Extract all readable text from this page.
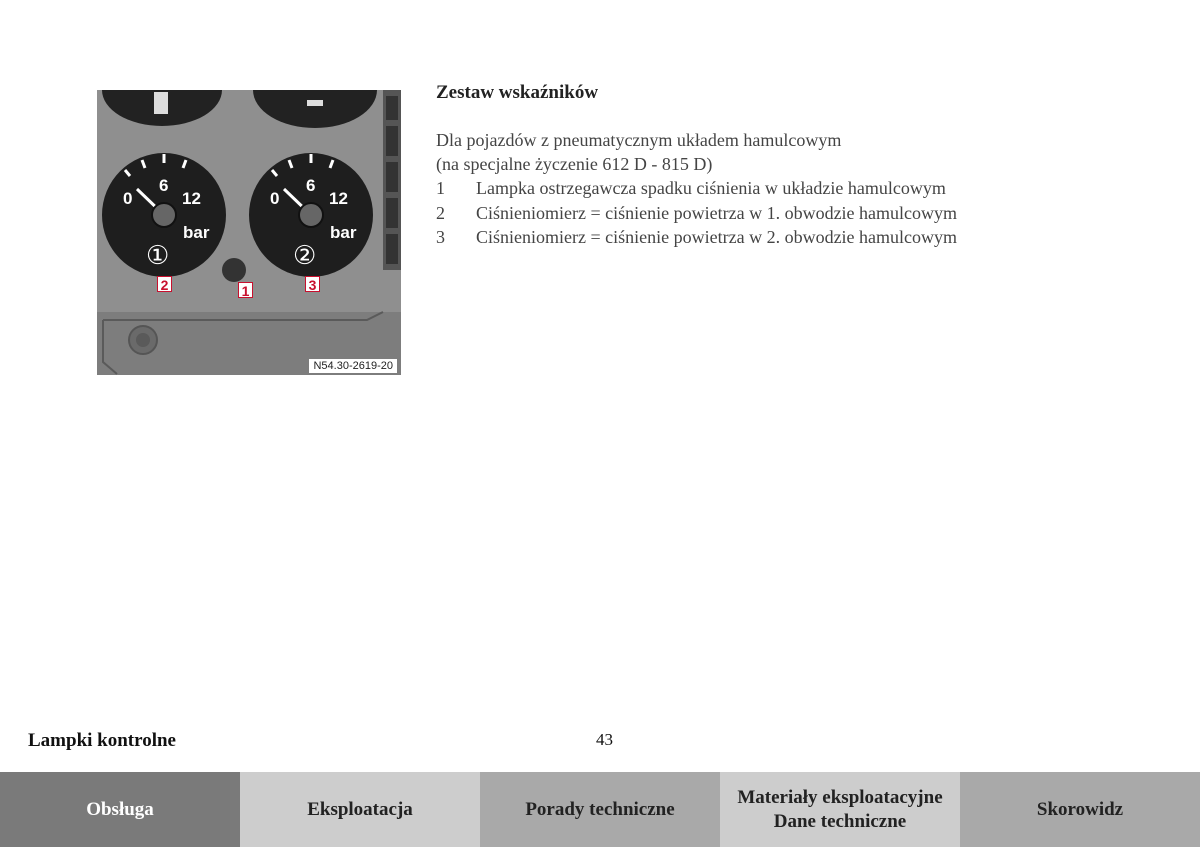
0
6
12
bar
①
2
0
6
12
bar
②
3
1
N54.30-2619-20
Zestaw wskaźników
Dla pojazdów z pneumatycznym układem hamulcowym
(na specjalne życzenie 612 D - 815 D)
1	Lampka ostrzegawcza spadku ciśnienia w układzie hamulcowym
2	Ciśnieniomierz = ciśnienie powietrza w 1. obwodzie hamulcowym
3	Ciśnieniomierz = ciśnienie powietrza w 2. obwodzie hamulcowym
Lampki kontrolne	43
Obsługa	Eksploatacja	Porady techniczne
Materiały eksploatacyjne
Dane techniczne
Skorowidz
